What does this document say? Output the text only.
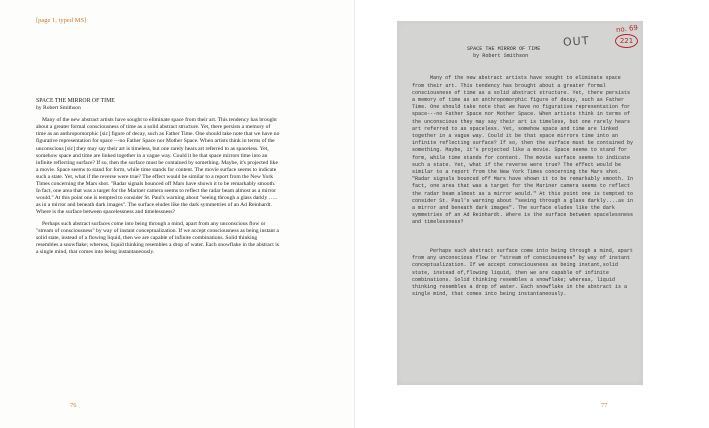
[page 1, typed MS]

SPACE THE MIRROR OF TIME

by Robert Smithson

Many of the new abstract artists have sought to eliminate space from their art. This tendency has brought about a greater formal consciousness of time as a solid abstract structure. Yet, there persists a memory of time as an anthropomorphic [sic] figure of decay, such as Father Time. One should take note that we have no figurative representation for space ---no Father Space nor Mother Space. When artists think in terms of the unconscious [sic] they may say their art is timeless, but one rarely hears art referred to as spaceless. Yet, somehow space and time are linked together in a vague way. Could it be that space mirrors time into an infinite reflecting surface? If so, then the surface must be contained by something. Maybe, it's projected like a movie. Space seems to stand for form, while time stands for content. The movie surface seems to indicate such a state. Yet, what if the reverse were true? The effect would be similar to a report from the New York Times concerning the Mars shot. "Radar signals bounced off Mars have shown it to be remarkably smooth. In fact, one area that was a target for the Mariner camera seems to reflect the radar beam almost as a mirror would." At this point one is tempted to consider St. Paul's warning about "seeing through a glass darkly ….. as in a mirror and beneath dark images". The surface eludes like the dark symmetries of an Ad Reinhardt. Where is the surface between spacelessness and timelessness?

Perhaps such abstract surfaces come into being through a mind, apart from any unconscious flow or "stream of consciousness" by way of instant conceptualization. If we accept consciousness as being instant a solid state, instead of a flowing liquid, then we are capable of infinite combinations. Solid thinking resembles a snowflake; whereas, liquid thinking resembles a drop of water. Each snowflake in the abstract is a single mind, that comes into being instantaneously.

76
no. 69
221
OUT
SPACE THE MIRROR OF TIME
by Robert Smithson

Many of the new abstract artists have sought to eliminate space from their art. This tendency has brought about a greater formal consciousness of time as a solid abstract structure. Yet, there persists a memory of time as an anthropomorphic figure of decay, such as Father Time. One should take note that we have no figurative representation for space---no Father Space nor Mother Space. When artists think in terms of the unconscious they may say their art is timeless, but one rarely hears art referred to as spaceless. Yet, somehow space and time are linked together in a vague way. Could it be that space mirrors time into an infinite reflecting surface? If so, then the surface must be contained by something. Maybe, it's projected like a movie. Space seems to stand for form, while time stands for content. The movie surface seems to indicate such a state. Yet, what if the reverse were true? The effect would be similar to a report from the New York Times concerning the Mars shot. "Radar signals bounced off Mars have shown it to be remarkably smooth. In fact, one area that was a target for the Mariner camera seems to reflect the radar beam almost as a mirror would." At this point one is tempted to consider St. Paul's warning about "seeing through a glass darkly....as in a mirror and beneath dark images". The surface eludes like the dark symmetries of an Ad Reinhardt. Where is the surface between spacelessness and timelessness?

Perhaps such abstract surface come into being through a mind, apart from any unconscious flow or "stream of consciousness" by way of instant conceptualization. If we accept consciousness as being instant,solid state, instead of,flowing liquid, then we are capable of infinite combinations. Solid thinking resembles a snowflake; whereas, liquid thinking resembles a drop of water. Each snowflake in the abstract is a single mind, that comes into being instantaneously.

77
